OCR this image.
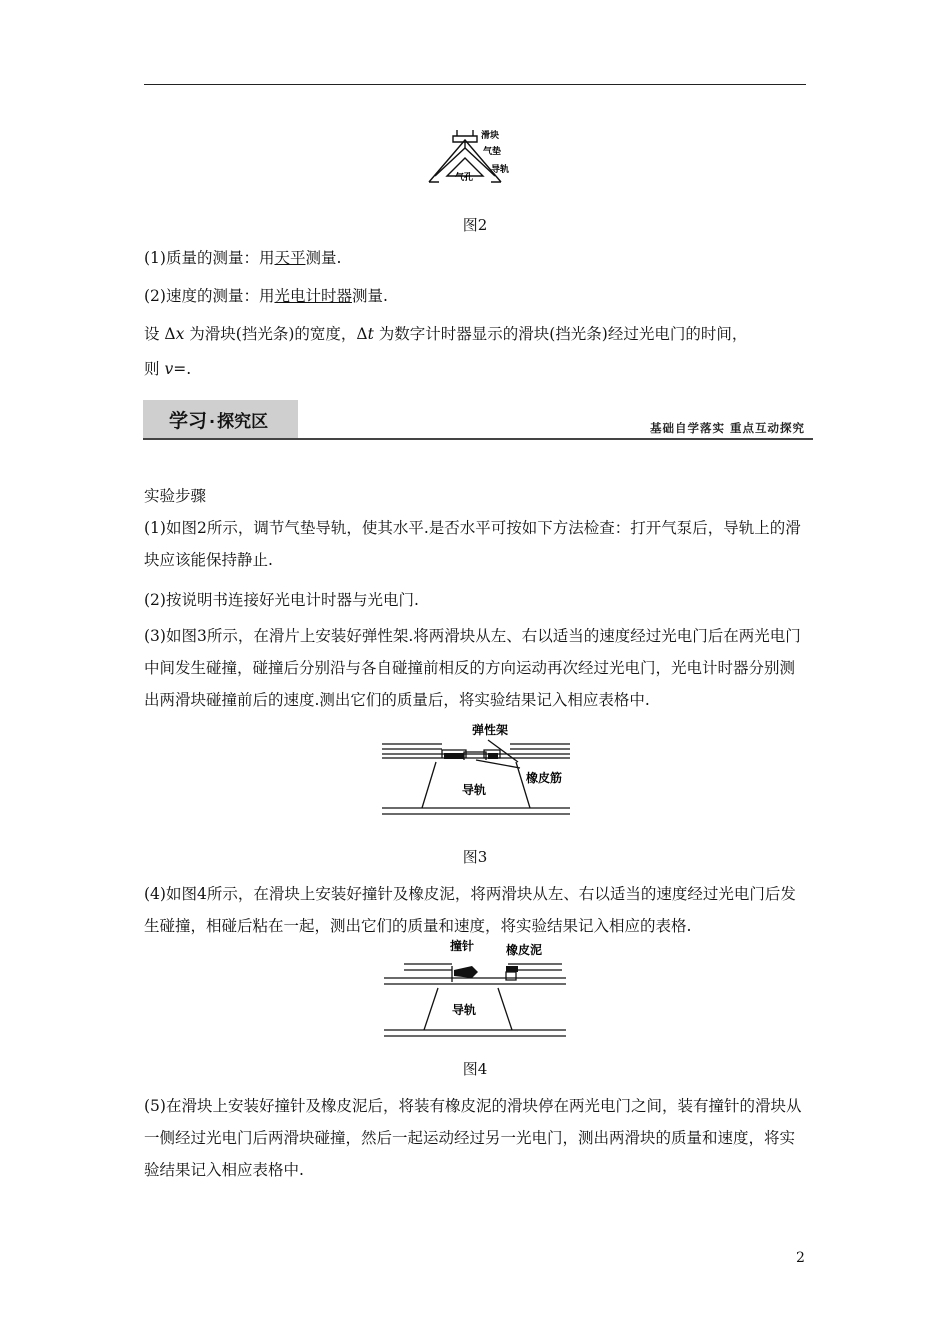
滑块
气垫
导轨
气孔
图2
(1)质量的测量：用天平测量.
(2)速度的测量：用光电计时器测量.
设 Δx 为滑块(挡光条)的宽度，Δt 为数字计时器显示的滑块(挡光条)经过光电门的时间，
则 v=.
学习 · 探究区	基础自学落实 重点互动探究
实验步骤
(1)如图2所示，调节气垫导轨，使其水平.是否水平可按如下方法检查：打开气泵后，导轨上的滑块应该能保持静止.
(2)按说明书连接好光电计时器与光电门.
(3)如图3所示，在滑片上安装好弹性架.将两滑块从左、右以适当的速度经过光电门后在两光电门中间发生碰撞，碰撞后分别沿与各自碰撞前相反的方向运动再次经过光电门，光电计时器分别测出两滑块碰撞前后的速度.测出它们的质量后，将实验结果记入相应表格中.
弹性架
橡皮筋
导轨
图3
(4)如图4所示，在滑块上安装好撞针及橡皮泥，将两滑块从左、右以适当的速度经过光电门后发生碰撞，相碰后粘在一起，测出它们的质量和速度，将实验结果记入相应的表格.
撞针	橡皮泥
导轨
图4
(5)在滑块上安装好撞针及橡皮泥后，将装有橡皮泥的滑块停在两光电门之间，装有撞针的滑块从一侧经过光电门后两滑块碰撞，然后一起运动经过另一光电门，测出两滑块的质量和速度，将实验结果记入相应表格中.
2
